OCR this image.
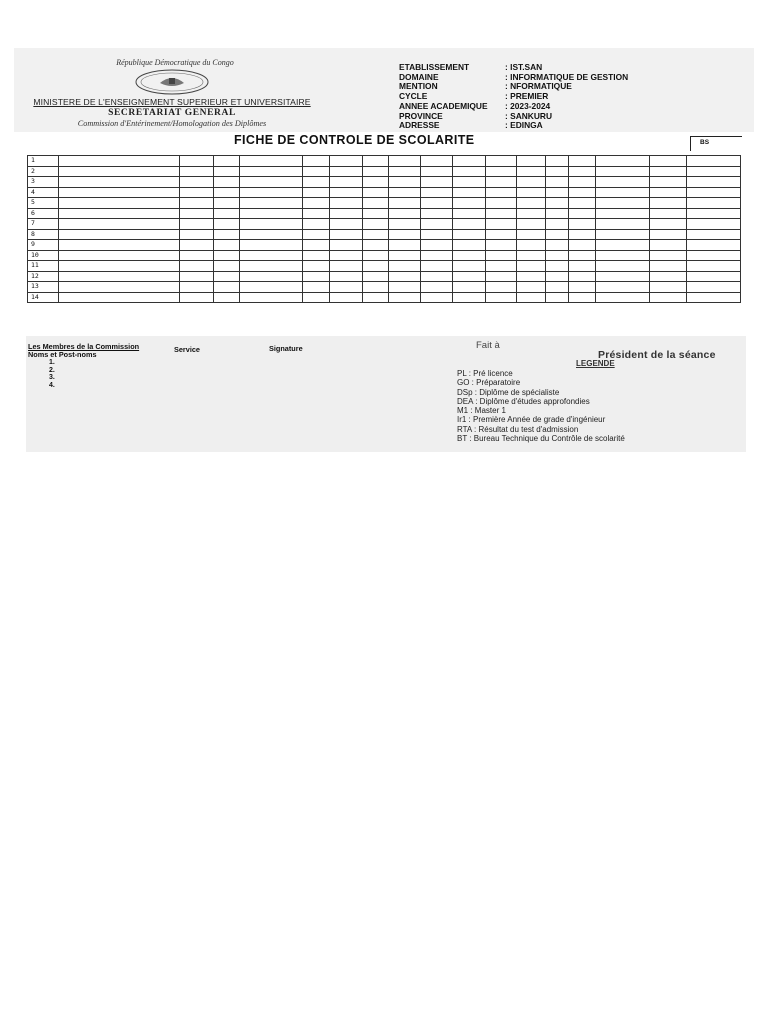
République Démocratique du Congo
MINISTERE DE L'ENSEIGNEMENT SUPERIEUR ET UNIVERSITAIRE
SECRETARIAT GENERAL
Commission d'Entérinement/Homologation des Diplômes
ETABLISSEMENT	: IST.SAN
DOMAINE	: INFORMATIQUE DE GESTION
MENTION	: NFORMATIQUE
CYCLE	: PREMIER
ANNEE ACADEMIQUE	: 2023-2024
PROVINCE	: SANKURU
ADRESSE	: EDINGA
FICHE DE CONTROLE DE SCOLARITE	BS
1																	
2																	
3																	
4																	
5																	
6																	
7																	
8																	
9																	
10																	
11																	
12																	
13																	
14																	
Les Membres de la Commission
Noms et Post-noms
1.
2.
3.
4.
Service	Signature	Fait à
Président de la séance
LEGENDE
PL : Pré licence
GO : Préparatoire
DSp : Diplôme de spécialiste
DEA : Diplôme d'études approfondies
M1 : Master 1
Ir1 : Première Année de grade d'ingénieur
RTA : Résultat du test d'admission
BT : Bureau Technique du Contrôle de scolarité
